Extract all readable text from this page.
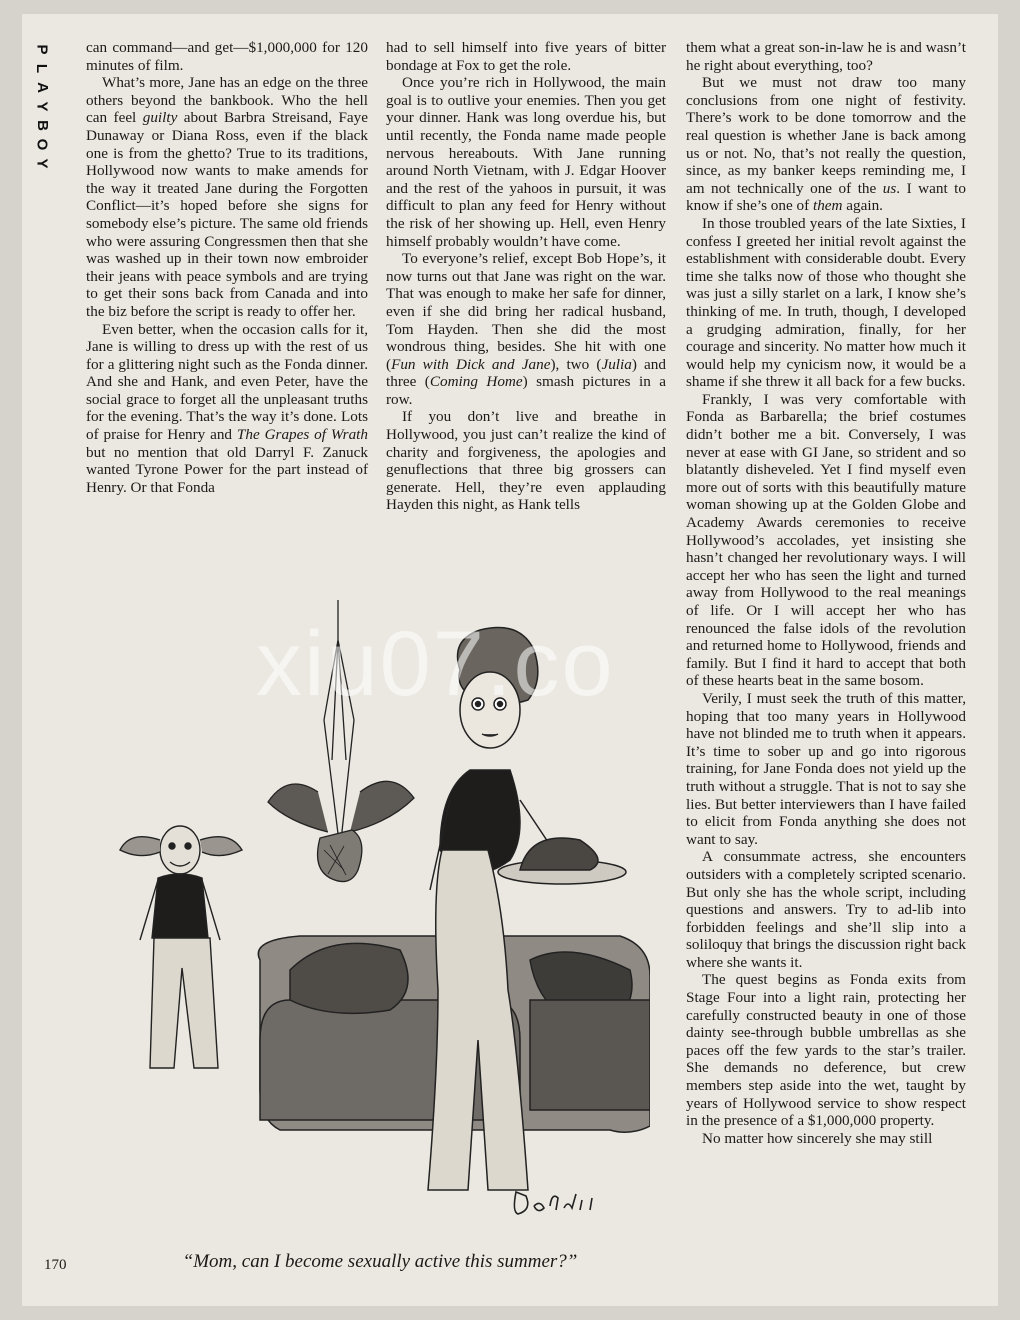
P
L
A
Y
B
O
Y

can command—and get—$1,000,000 for 120 minutes of film.

What’s more, Jane has an edge on the three others beyond the bankbook. Who the hell can feel guilty about Barbra Streisand, Faye Dunaway or Diana Ross, even if the black one is from the ghetto? True to its traditions, Hollywood now wants to make amends for the way it treated Jane during the Forgotten Conflict—it’s hoped before she signs for somebody else’s picture. The same old friends who were assuring Congressmen then that she was washed up in their town now embroider their jeans with peace symbols and are trying to get their sons back from Canada and into the biz before the script is ready to offer her.

Even better, when the occasion calls for it, Jane is willing to dress up with the rest of us for a glittering night such as the Fonda dinner. And she and Hank, and even Peter, have the social grace to forget all the unpleasant truths for the evening. That’s the way it’s done. Lots of praise for Henry and The Grapes of Wrath but no mention that old Darryl F. Zanuck wanted Tyrone Power for the part instead of Henry. Or that Fonda

had to sell himself into five years of bitter bondage at Fox to get the role.

Once you’re rich in Hollywood, the main goal is to outlive your enemies. Then you get your dinner. Hank was long overdue his, but until recently, the Fonda name made people nervous hereabouts. With Jane running around North Vietnam, with J. Edgar Hoover and the rest of the yahoos in pursuit, it was difficult to plan any feed for Henry without the risk of her showing up. Hell, even Henry himself probably wouldn’t have come.

To everyone’s relief, except Bob Hope’s, it now turns out that Jane was right on the war. That was enough to make her safe for dinner, even if she did bring her radical husband, Tom Hayden. Then she did the most wondrous thing, besides. She hit with one (Fun with Dick and Jane), two (Julia) and three (Coming Home) smash pictures in a row.

If you don’t live and breathe in Hollywood, you just can’t realize the kind of charity and forgiveness, the apologies and genuflections that three big grossers can generate. Hell, they’re even applauding Hayden this night, as Hank tells

them what a great son-in-law he is and wasn’t he right about everything, too?

But we must not draw too many conclusions from one night of festivity. There’s work to be done tomorrow and the real question is whether Jane is back among us or not. No, that’s not really the question, since, as my banker keeps reminding me, I am not technically one of the us. I want to know if she’s one of them again.

In those troubled years of the late Sixties, I confess I greeted her initial revolt against the establishment with considerable doubt. Every time she talks now of those who thought she was just a silly starlet on a lark, I know she’s thinking of me. In truth, though, I developed a grudging admiration, finally, for her courage and sincerity. No matter how much it would help my cynicism now, it would be a shame if she threw it all back for a few bucks.

Frankly, I was very comfortable with Fonda as Barbarella; the brief costumes didn’t bother me a bit. Conversely, I was never at ease with GI Jane, so strident and so blatantly disheveled. Yet I find myself even more out of sorts with this beautifully mature woman showing up at the Golden Globe and Academy Awards ceremonies to receive Hollywood’s accolades, yet insisting she hasn’t changed her revolutionary ways. I will accept her who has seen the light and turned away from Hollywood to the real meanings of life. Or I will accept her who has renounced the false idols of the revolution and returned home to Hollywood, friends and family. But I find it hard to accept that both of these hearts beat in the same bosom.

Verily, I must seek the truth of this matter, hoping that too many years in Hollywood have not blinded me to truth when it appears. It’s time to sober up and go into rigorous training, for Jane Fonda does not yield up the truth without a struggle. That is not to say she lies. But better interviewers than I have failed to elicit from Fonda anything she does not want to say.

A consummate actress, she encounters outsiders with a completely scripted scenario. But only she has the whole script, including questions and answers. Try to ad-lib into forbidden feelings and she’ll slip into a soliloquy that brings the discussion right back where she wants it.

The quest begins as Fonda exits from Stage Four into a light rain, protecting her carefully constructed beauty in one of those dainty see-through bubble umbrellas as she paces off the few yards to the star’s trailer. She demands no deference, but crew members step aside into the wet, taught by years of Hollywood service to show respect in the presence of a $1,000,000 property.

No matter how sincerely she may still

xiu07.co
“Mom, can I become sexually active this summer?”
170
